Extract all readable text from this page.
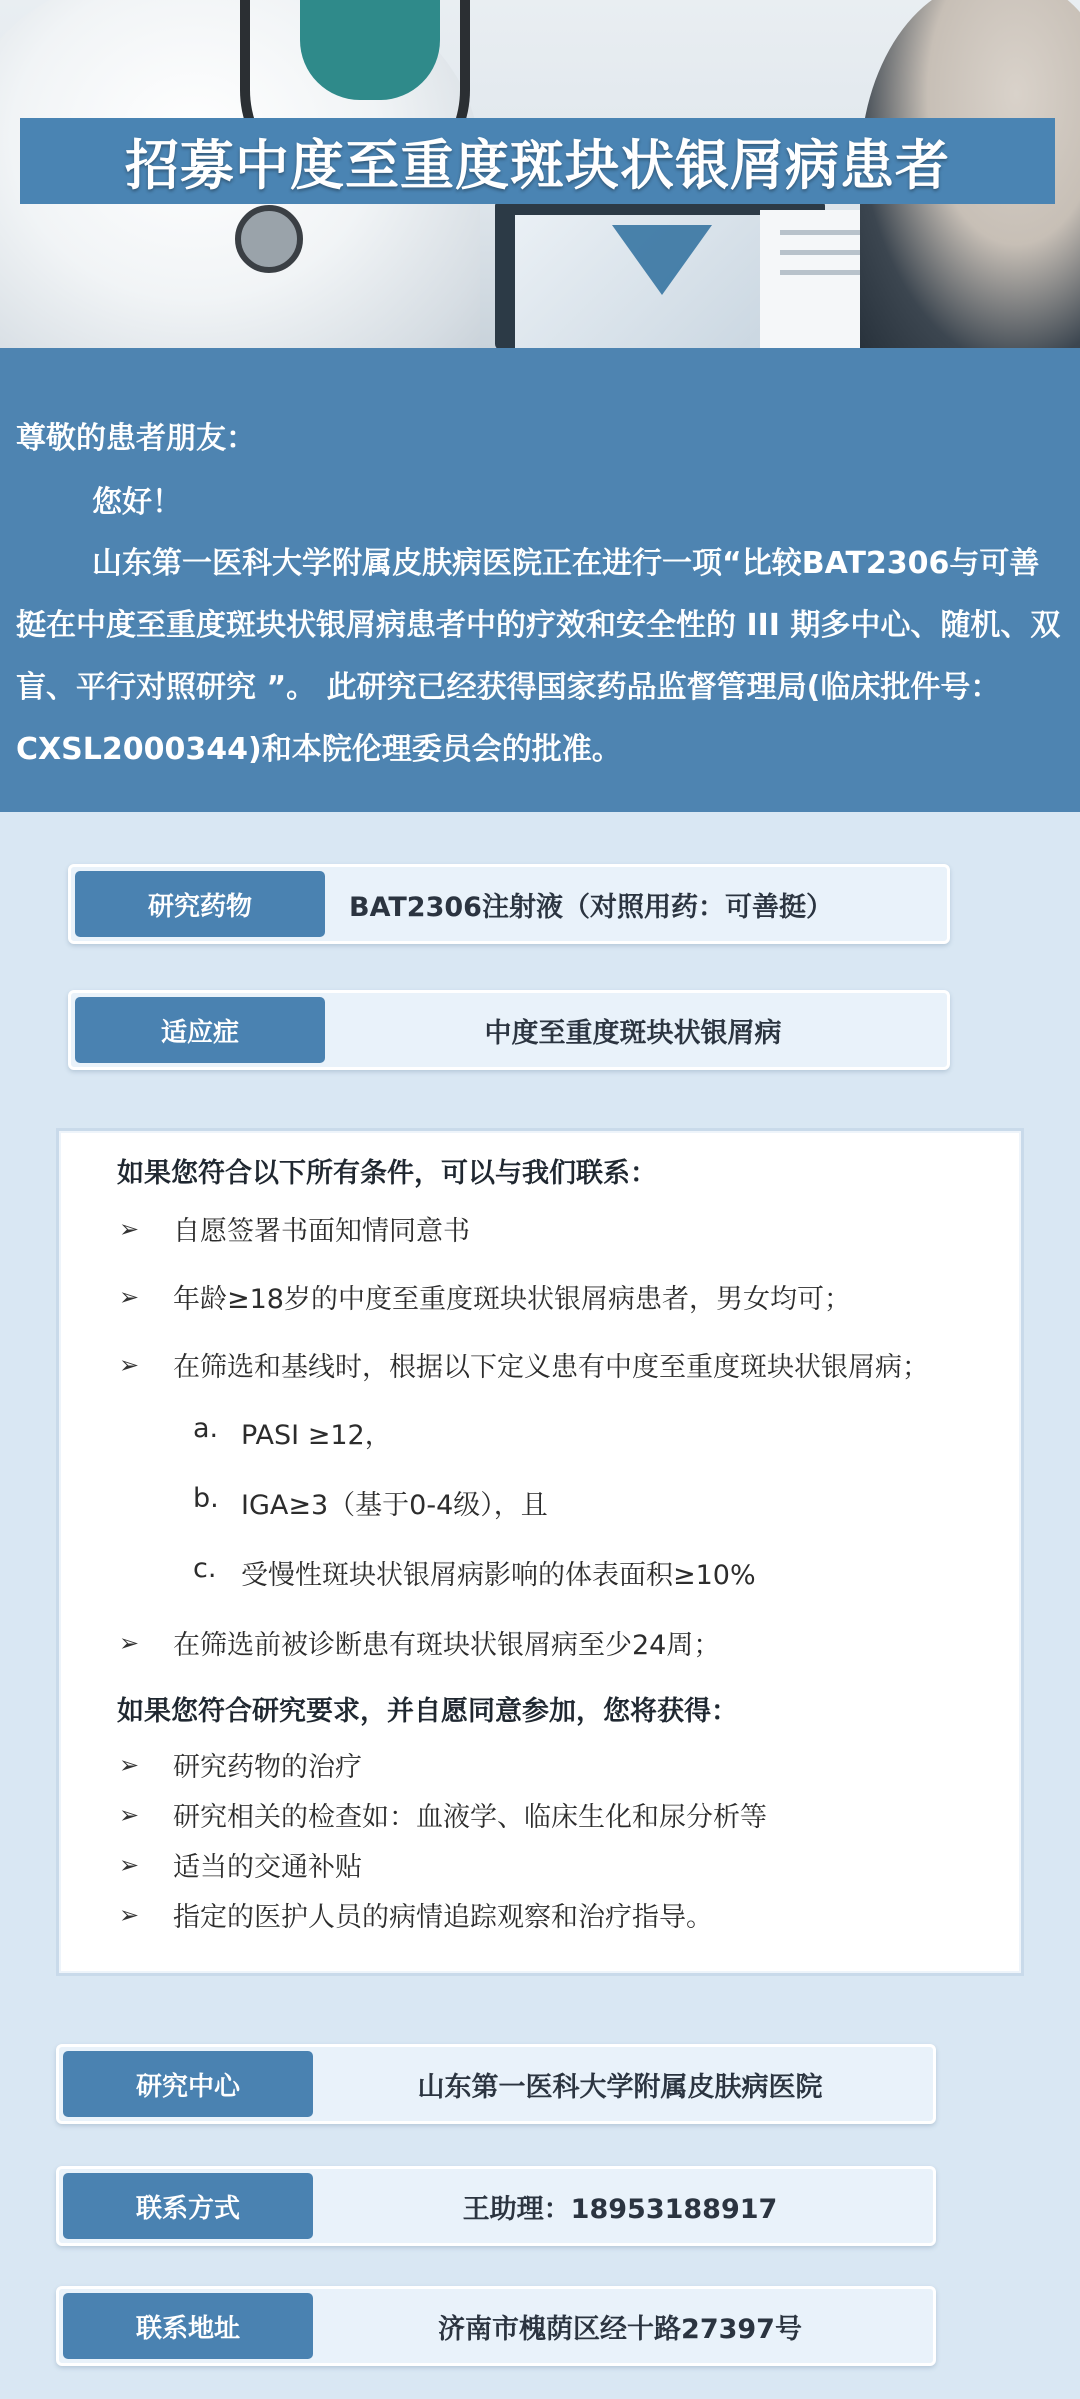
招募中度至重度斑块状银屑病患者

尊敬的患者朋友：

您好！

山东第一医科大学附属皮肤病医院正在进行一项“比较BAT2306与可善挺在中度至重度斑块状银屑病患者中的疗效和安全性的 III 期多中心、随机、双盲、平行对照研究 ”。 此研究已经获得国家药品监督管理局(临床批件号：CXSL2000344)和本院伦理委员会的批准。

研究药物	BAT2306注射液（对照用药：可善挺）
适应症	中度至重度斑块状银屑病
如果您符合以下所有条件，可以与我们联系：
➢	自愿签署书面知情同意书
➢	年龄≥18岁的中度至重度斑块状银屑病患者，男女均可；
➢	在筛选和基线时，根据以下定义患有中度至重度斑块状银屑病；
a. PASI ≥12，
b. IGA≥3（基于0-4级），且
c. 受慢性斑块状银屑病影响的体表面积≥10%
➢	在筛选前被诊断患有斑块状银屑病至少24周；
如果您符合研究要求，并自愿同意参加，您将获得：
➢	研究药物的治疗
➢	研究相关的检查如：血液学、临床生化和尿分析等
➢	适当的交通补贴
➢	指定的医护人员的病情追踪观察和治疗指导。
研究中心	山东第一医科大学附属皮肤病医院
联系方式	王助理：18953188917
联系地址	济南市槐荫区经十路27397号
